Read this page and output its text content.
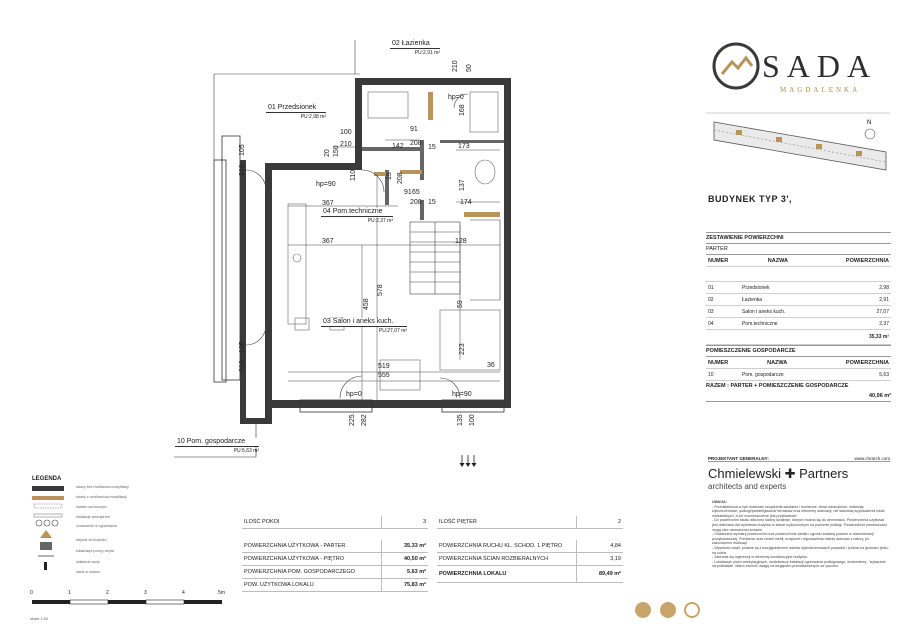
210 50
hp=0
168
91
208
15	173
100
210	142
hp=90
110	15 208
208
91 65
15
137
174
367
367	128
458
578
59
223
36
519
555
hp=0	hp=90
225 282	135 100
105
210
105
210
20 150
02 Łazienka
PU:2,91 m²
01 Przedsionek
PU:2,98 m²
04 Pom.techniczne
PU:2,37 m²
03 Salon i aneks kuch.
PU:27,07 m²
10 Pom. gospodarcze
PU:5,63 m²
SADA
MAGDALENKA
N
BUDYNEK TYP 3',
ZESTAWIENIE POWIERZCHNI
PARTER
NUMER	NAZWA	POWIERZCHNIA

01	Przedsionek	2,98
02	Łazienka	2,91
03	Salon i aneks kuch.	27,07
04	Pom.techniczne	2,37
35,33 m²		
POMIESZCZENIE GOSPODARCZE
NUMER	NAZWA	POWIERZCHNIA
10	Pom. gospodarcze	5,63
RAZEM : PARTER + POMIESZCZENIE GOSPODARCZE
40,96 m²
PROJEKTANT GENERALNY:	www.chrarch.com
Chmielewski ✚ Partners
architects and experts
UWAGA:
- Przedstawiona w tym materiale urządzenia sanitarne i kuchenne, drzwi wewnętrzne, materiały wykończeniowe, podłogi/parkiet/glazura/ terrakota/ oraz elementy aranżacji, nie stanowią wyposażenia lokali mieszkalnych, a ich rozmieszczenie jest przykładowe.
- Do powierzchni lokalu wliczono ściany działowe, których można się do demontażu. Powierzchnia użytkowa jest obliczana dla wymiarów budynku w stanie wykończonym na poziomie podłogi. Powierzchnie pomieszczeń mogą ulec nieznacznej zmianie.
- Ostateczne wymiary powierzchni oraz powierzchnie działki i ogrodu zostaną podane w dokumentacji powykonawczej. Pomiarów oraz zmian mebli, urządzeń i wyposażenia należy dokonać z natury, po zakończeniu realizacji.
- Wysokość lokali, podane są z uwzględnieniem warstw wykończeniowych posadzki i tynków na grubości tynku na sufcie.
- Zabrania się ingerencji w elementy konstrukcyjne budynku.
- Lokalizacje pionu wentylacyjnych, rozdzielaczy instalacji ogrzewania podłogowego, wodomierzy - wykazane na podstawie. Warto zwrócić uwagę na względem przedstawionych na rysunku.
LEGENDA
ściany bez możliwości modyfikacji
ściany z możliwością modyfikacji
światło nad kuśnym
instalacje wewnętrzne
oznaczenie nr ogrzewania
wejście do budynku
lokalizacja pompy ciepła
układście wody
otwór w ścianie
0	1	2	3	4	5m
skala 1:50
ILOŚĆ POKOI	3
POWIERZCHNIA UŻYTKOWA - PARTER	35,33 m²
POWIERZCHNIA UŻYTKOWA - PIĘTRO	40,50 m²
POWIERZCHNIA POM. GOSPODARCZEGO	5,63 m²
POW. UŻYTKOWA LOKALU	75,83 m²
ILOŚĆ PIĘTER	2
POWIERZCHNIA RUCHU KL. SCHOD. 1 PIĘTRO	4,84
POWIERZCHNIA ŚCIAN ROZBIERALNYCH	3,19
POWIERZCHNIA LOKALU	89,49 m²
